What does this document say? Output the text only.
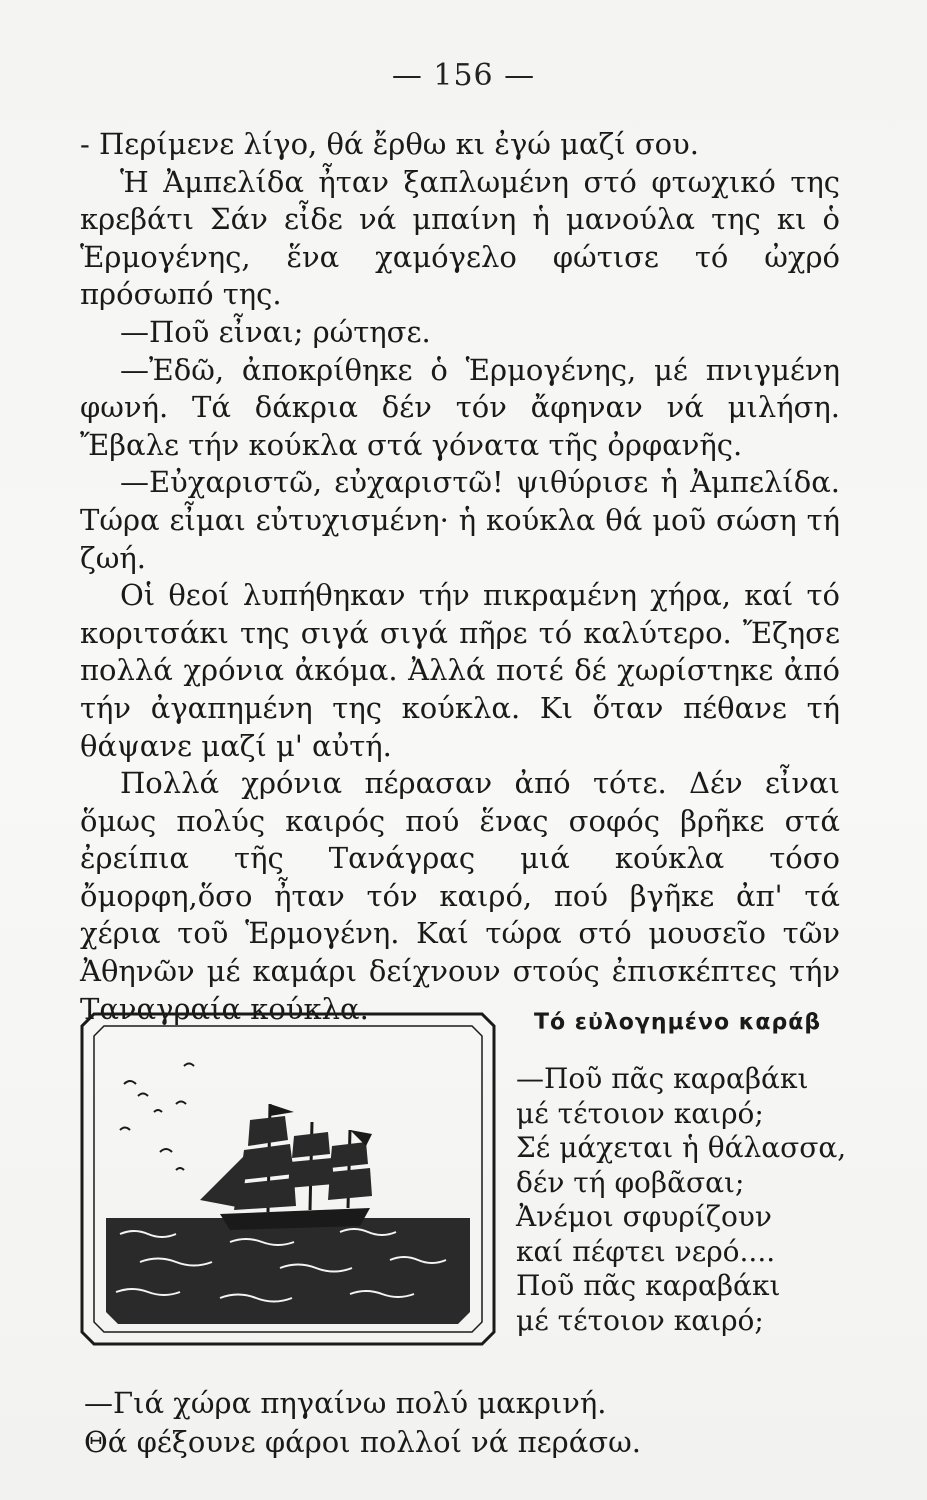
— 156 —

- Περίμενε λίγο, θά ἔρθω κι ἐγώ μαζί σου.

Ἡ Ἀμπελίδα ἦταν ξαπλωμένη στό φτωχικό της κρεβάτι Σάν εἶδε νά μπαίνη ἡ μανούλα της κι ὁ Ἑρμογένης, ἕνα χαμόγελο φώτισε τό ὠχρό πρόσωπό της.

—Ποῦ εἶναι; ρώτησε.

—Ἐδῶ, ἀποκρίθηκε ὁ Ἑρμογένης, μέ πνιγμένη φωνή. Τά δάκρια δέν τόν ἄφηναν νά μιλήση. Ἔβαλε τήν κούκλα στά γόνατα τῆς ὀρφανῆς.

—Εὐχαριστῶ, εὐχαριστῶ! ψιθύρισε ἡ Ἀμπελίδα. Τώρα εἶμαι εὐτυχισμένη· ἡ κούκλα θά μοῦ σώση τή ζωή.

Οἱ θεοί λυπήθηκαν τήν πικραμένη χήρα, καί τό κοριτσάκι της σιγά σιγά πῆρε τό καλύτερο. Ἔζησε πολλά χρόνια ἀκόμα. Ἀλλά ποτέ δέ χωρίστηκε ἀπό τήν ἀγαπημένη της κούκλα. Κι ὅταν πέθανε τή θάψανε μαζί μ' αὐτή.

Πολλά χρόνια πέρασαν ἀπό τότε. Δέν εἶναι ὅμως πολύς καιρός πού ἕνας σοφός βρῆκε στά ἐρείπια τῆς Τανάγρας μιά κούκλα τόσο ὄμορφη,ὅσο ἦταν τόν καιρό, πού βγῆκε ἀπ' τά χέρια τοῦ Ἑρμογένη. Καί τώρα στό μουσεῖο τῶν Ἀθηνῶν μέ καμάρι δείχνουν στούς ἐπισκέπτες τήν Ταναγραία κούκλα.	Τό εὐλογημένο καράβ
—Ποῦ πᾶς καραβάκι
μέ τέτοιον καιρό;
Σέ μάχεται ἡ θάλασσα,
δέν τή φοβᾶσαι;
Ἀνέμοι σφυρίζουν
καί πέφτει νερό....
Ποῦ πᾶς καραβάκι
μέ τέτοιον καιρό;
—Γιά χώρα πηγαίνω πολύ μακρινή.
Θά φέξουνε φάροι πολλοί νά περάσω.
